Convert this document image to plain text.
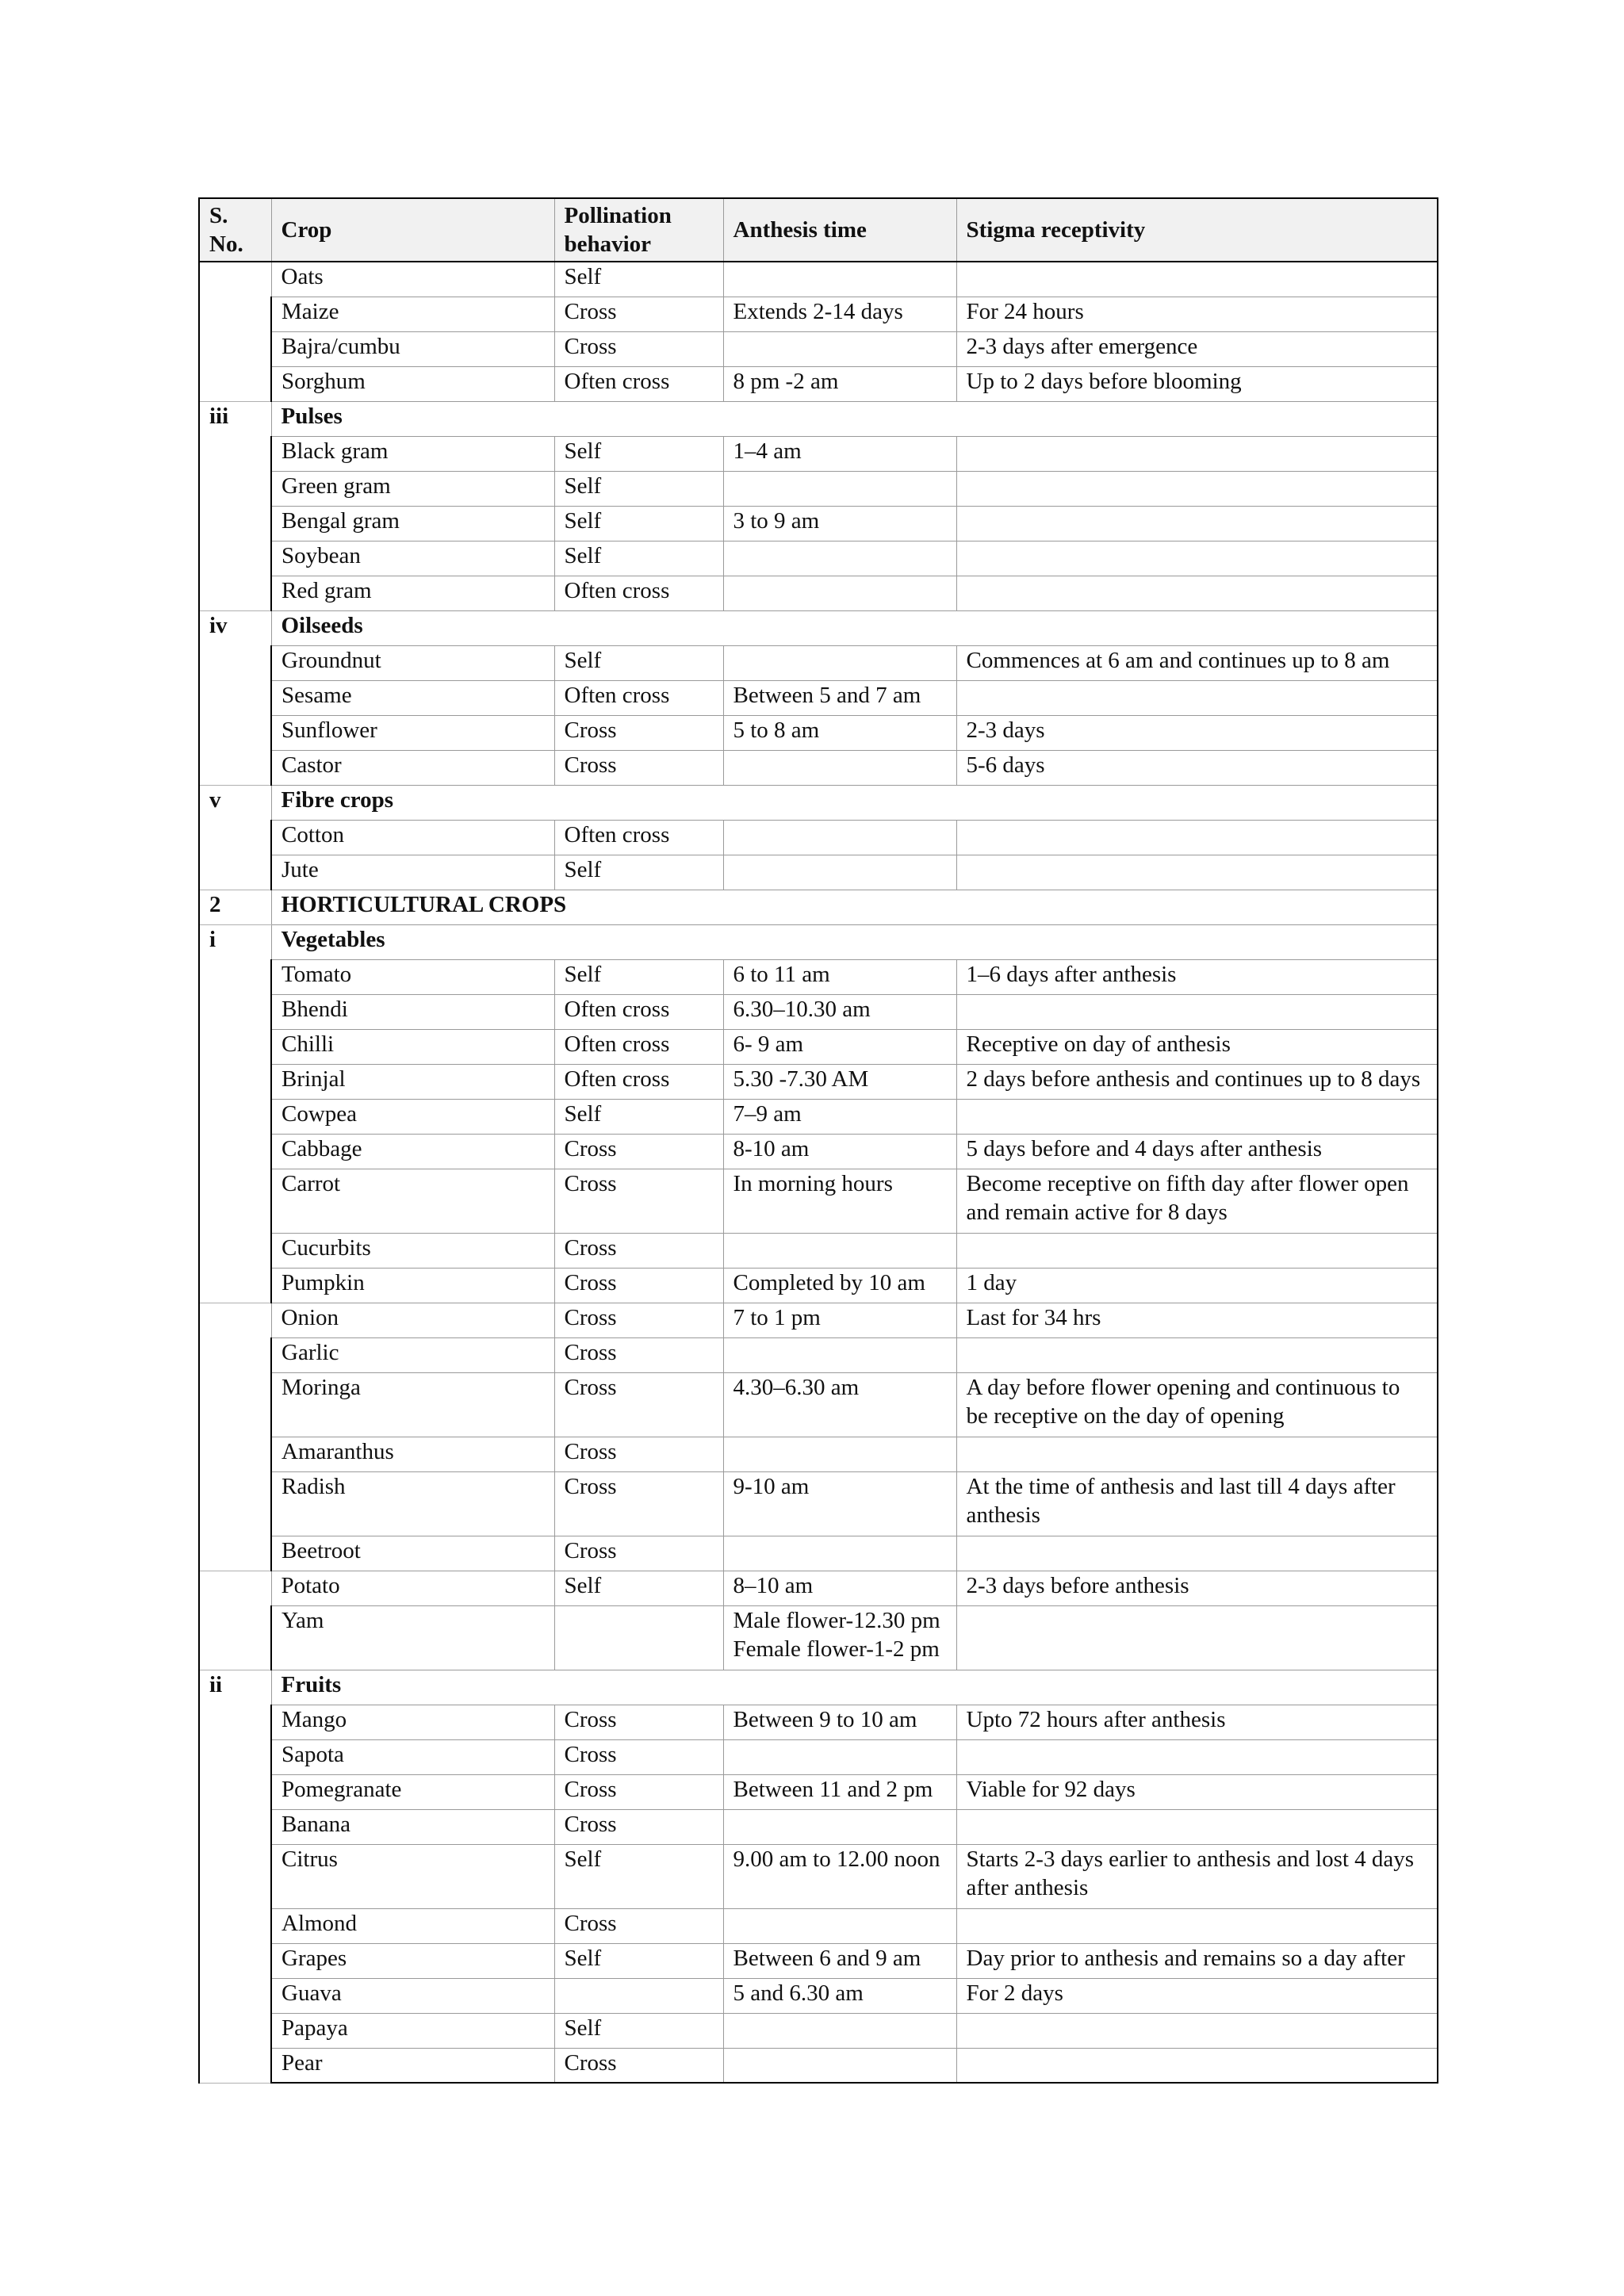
S. No.	Crop	Pollination behavior	Anthesis time	Stigma receptivity
	Oats	Self		
	Maize	Cross	Extends 2-14 days	For 24 hours
	Bajra/cumbu	Cross		2-3 days after emergence
	Sorghum	Often cross	8 pm -2 am	Up to 2 days before blooming
iii	Pulses			
	Black gram	Self	1–4 am	
	Green gram	Self		
	Bengal gram	Self	3 to 9 am	
	Soybean	Self		
	Red gram	Often cross		
iv	Oilseeds			
	Groundnut	Self		Commences at 6 am and continues up to 8 am
	Sesame	Often cross	Between 5 and 7 am	
	Sunflower	Cross	5 to 8 am	2-3 days
	Castor	Cross		5-6 days
v	Fibre crops			
	Cotton	Often cross		
	Jute	Self		
2	HORTICULTURAL CROPS			
i	Vegetables			
	Tomato	Self	6 to 11 am	1–6 days after anthesis
	Bhendi	Often cross	6.30–10.30 am	
	Chilli	Often cross	6- 9 am	Receptive on day of anthesis
	Brinjal	Often cross	5.30 -7.30 AM	2 days before anthesis and continues up to 8 days
	Cowpea	Self	7–9 am	
	Cabbage	Cross	8-10 am	5 days before and 4 days after anthesis
	Carrot	Cross	In morning hours	Become receptive on fifth day after flower open
and remain active for 8 days
	Cucurbits	Cross		
	Pumpkin	Cross	Completed by 10 am	1 day
	Onion	Cross	7 to 1 pm	Last for 34 hrs
	Garlic	Cross		
	Moringa	Cross	4.30–6.30 am	A day before flower opening and continuous to
be receptive on the day of opening
	Amaranthus	Cross		
	Radish	Cross	9-10 am	At the time of anthesis and last till 4 days after
anthesis
	Beetroot	Cross		
	Potato	Self	8–10 am	2-3 days before anthesis
	Yam		Male flower-12.30 pm
Female flower-1-2 pm	
ii	Fruits			
	Mango	Cross	Between 9 to 10 am	Upto 72 hours after anthesis
	Sapota	Cross		
	Pomegranate	Cross	Between 11 and 2 pm	Viable for 92 days
	Banana	Cross		
	Citrus	Self	9.00 am to 12.00 noon	Starts 2-3 days earlier to anthesis and lost 4 days
after anthesis
	Almond	Cross		
	Grapes	Self	Between 6 and 9 am	Day prior to anthesis and remains so a day after
	Guava		5 and 6.30 am	For 2 days
	Papaya	Self		
	Pear	Cross		
